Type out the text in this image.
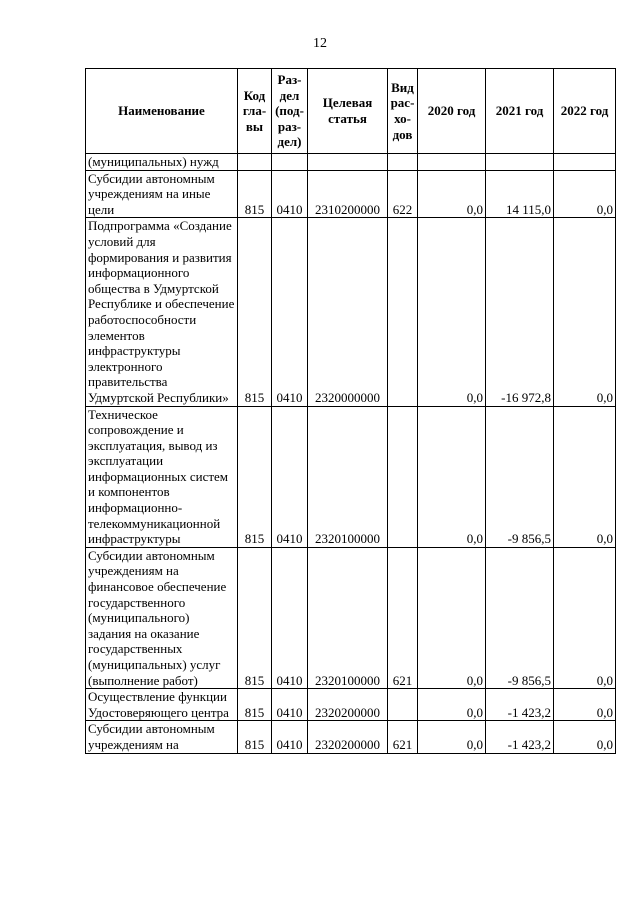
12
Наименование	Код гла-вы	Раз-дел (под-раз-дел)	Целевая статья	Вид рас-хо-дов	2020 год	2021 год	2022 год
(муниципальных) нужд							
Субсидии автономным учреждениям на иные цели	815	0410	2310200000	622	0,0	14 115,0	0,0
Подпрограмма «Создание условий для формирования и развития информационного общества в Удмуртской Республике и обеспечение работоспособности элементов инфраструктуры электронного правительства Удмуртской Республики»	815	0410	2320000000		0,0	-16 972,8	0,0
Техническое сопровождение и эксплуатация, вывод из эксплуатации информационных систем и компонентов информационно-телекоммуникационной инфраструктуры	815	0410	2320100000		0,0	-9 856,5	0,0
Субсидии автономным учреждениям на финансовое обеспечение государственного (муниципального) задания на оказание государственных (муниципальных) услуг (выполнение работ)	815	0410	2320100000	621	0,0	-9 856,5	0,0
Осуществление функции Удостоверяющего центра	815	0410	2320200000		0,0	-1 423,2	0,0
Субсидии автономным учреждениям на	815	0410	2320200000	621	0,0	-1 423,2	0,0
